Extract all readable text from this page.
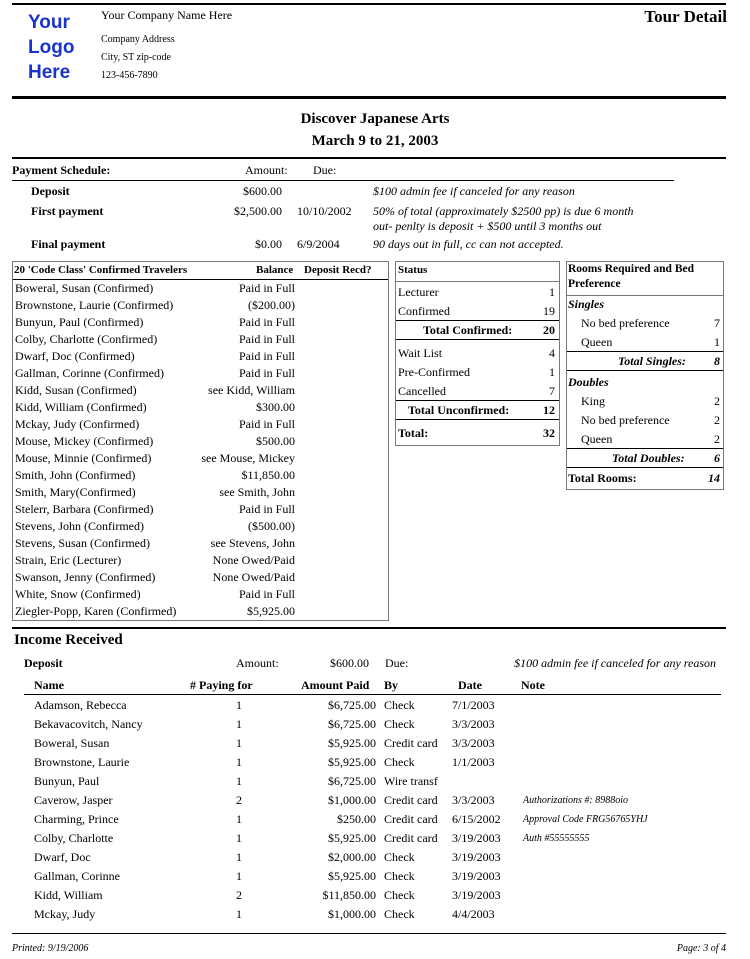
Your
Logo
Here
Your Company Name Here
Company Address
City, ST zip-code
123-456-7890
Tour Detail
Discover Japanese Arts
March 9 to 21, 2003
Payment Schedule:	Amount: Due:
Deposit	$600.00	$100 admin fee if canceled for any reason
First payment	$2,500.00 10/10/2002 50% of total (approximately $2500 pp) is due 6 month
out- penlty is deposit + $500 until 3 months out
Final payment	$0.00 6/9/2004	90 days out in full, cc can not accepted.
20 'Code Class' Confirmed Travelers	Balance Deposit Recd?
Boweral, Susan (Confirmed)	Paid in Full
Brownstone, Laurie (Confirmed)	($200.00)
Bunyun, Paul (Confirmed)	Paid in Full
Colby, Charlotte (Confirmed)	Paid in Full
Dwarf, Doc (Confirmed)	Paid in Full
Gallman, Corinne (Confirmed)	Paid in Full
Kidd, Susan (Confirmed)	see Kidd, William
Kidd, William (Confirmed)	$300.00
Mckay, Judy (Confirmed)	Paid in Full
Mouse, Mickey (Confirmed)	$500.00
Mouse, Minnie (Confirmed)	see Mouse, Mickey
Smith, John (Confirmed)	$11,850.00
Smith, Mary(Confirmed)	see Smith, John
Stelerr, Barbara (Confirmed)	Paid in Full
Stevens, John (Confirmed)	($500.00)
Stevens, Susan (Confirmed)	see Stevens, John
Strain, Eric (Lecturer)	None Owed/Paid
Swanson, Jenny (Confirmed)	None Owed/Paid
White, Snow (Confirmed)	Paid in Full
Ziegler-Popp, Karen (Confirmed)	$5,925.00
Status
Lecturer	1
Confirmed	19
Total Confirmed:	20
Wait List	4
Pre-Confirmed	1
Cancelled	7
Total Unconfirmed:	12
Total:	32
Rooms Required and Bed
Preference
Singles
No bed preference	7
Queen	1
Total Singles: 8
Doubles
King	2
No bed preference	2
Queen	2
Total Doubles: 6
Total Rooms:	14
Income Received
Deposit	Amount:	$600.00 Due:	$100 admin fee if canceled for any reason
Name	# Paying for	Amount Paid By	Date	Note
Adamson, Rebecca	1	$6,725.00 Check	7/1/2003
Bekavacovitch, Nancy	1	$6,725.00 Check	3/3/2003
Boweral, Susan	1	$5,925.00 Credit card 3/3/2003
Brownstone, Laurie	1	$5,925.00 Check	1/1/2003
Bunyun, Paul	1	$6,725.00 Wire transf
Caverow, Jasper	2	$1,000.00 Credit card 3/3/2003	Authorizations #: 8988oio
Charming, Prince	1	$250.00 Credit card 6/15/2002 Approval Code FRG56765YHJ
Colby, Charlotte	1	$5,925.00 Credit card 3/19/2003 Auth #55555555
Dwarf, Doc	1	$2,000.00 Check	3/19/2003
Gallman, Corinne	1	$5,925.00 Check	3/19/2003
Kidd, William	2	$11,850.00 Check	3/19/2003
Mckay, Judy	1	$1,000.00 Check	4/4/2003
Printed: 9/19/2006	Page: 3 of 4
